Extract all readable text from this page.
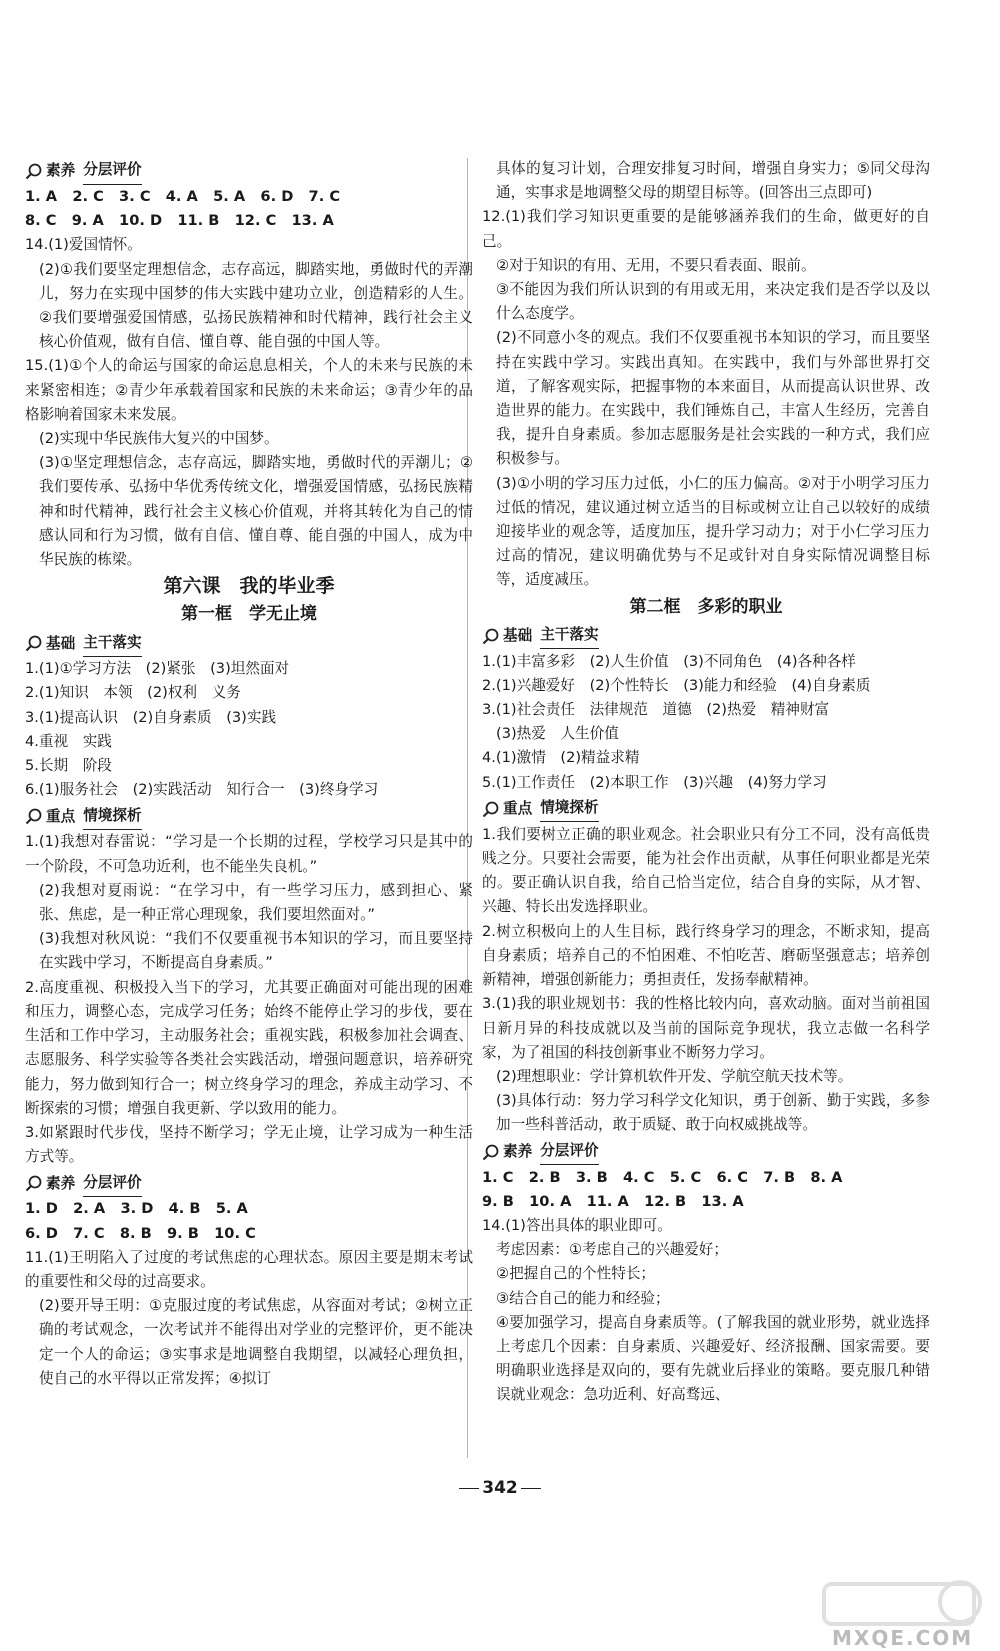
素养 分层评价

1. A   2. C   3. C   4. A   5. A   6. D   7. C

8. C   9. A   10. D   11. B   12. C   13. A

14.(1)爱国情怀。

(2)①我们要坚定理想信念，志存高远，脚踏实地，勇做时代的弄潮儿，努力在实现中国梦的伟大实践中建功立业，创造精彩的人生。②我们要增强爱国情感，弘扬民族精神和时代精神，践行社会主义核心价值观，做有自信、懂自尊、能自强的中国人等。

15.(1)①个人的命运与国家的命运息息相关，个人的未来与民族的未来紧密相连；②青少年承载着国家和民族的未来命运；③青少年的品格影响着国家未来发展。

(2)实现中华民族伟大复兴的中国梦。

(3)①坚定理想信念，志存高远，脚踏实地，勇做时代的弄潮儿；②我们要传承、弘扬中华优秀传统文化，增强爱国情感，弘扬民族精神和时代精神，践行社会主义核心价值观，并将其转化为自己的情感认同和行为习惯，做有自信、懂自尊、能自强的中国人，成为中华民族的栋梁。

第六课　我的毕业季
第一框　学无止境
基础 主干落实

1.(1)①学习方法　(2)紧张　(3)坦然面对

2.(1)知识　本领　(2)权利　义务

3.(1)提高认识　(2)自身素质　(3)实践

4.重视　实践

5.长期　阶段

6.(1)服务社会　(2)实践活动　知行合一　(3)终身学习

重点 情境探析

1.(1)我想对春雷说：“学习是一个长期的过程，学校学习只是其中的一个阶段，不可急功近利，也不能坐失良机。”

(2)我想对夏雨说：“在学习中，有一些学习压力，感到担心、紧张、焦虑，是一种正常心理现象，我们要坦然面对。”

(3)我想对秋风说：“我们不仅要重视书本知识的学习，而且要坚持在实践中学习，不断提高自身素质。”

2.高度重视、积极投入当下的学习，尤其要正确面对可能出现的困难和压力，调整心态，完成学习任务；始终不能停止学习的步伐，要在生活和工作中学习，主动服务社会；重视实践，积极参加社会调查、志愿服务、科学实验等各类社会实践活动，增强问题意识，培养研究能力，努力做到知行合一；树立终身学习的理念，养成主动学习、不断探索的习惯；增强自我更新、学以致用的能力。

3.如紧跟时代步伐，坚持不断学习；学无止境，让学习成为一种生活方式等。

素养 分层评价

1. D   2. A   3. D   4. B   5. A

6. D   7. C   8. B   9. B   10. C

11.(1)王明陷入了过度的考试焦虑的心理状态。原因主要是期末考试的重要性和父母的过高要求。

(2)要开导王明：①克服过度的考试焦虑，从容面对考试；②树立正确的考试观念，一次考试并不能得出对学业的完整评价，更不能决定一个人的命运；③实事求是地调整自我期望，以减轻心理负担，使自己的水平得以正常发挥；④拟订

具体的复习计划，合理安排复习时间，增强自身实力；⑤同父母沟通，实事求是地调整父母的期望目标等。(回答出三点即可)

12.(1)我们学习知识更重要的是能够涵养我们的生命，做更好的自己。

②对于知识的有用、无用，不要只看表面、眼前。

③不能因为我们所认识到的有用或无用，来决定我们是否学以及以什么态度学。

(2)不同意小冬的观点。我们不仅要重视书本知识的学习，而且要坚持在实践中学习。实践出真知。在实践中，我们与外部世界打交道，了解客观实际，把握事物的本来面目，从而提高认识世界、改造世界的能力。在实践中，我们锤炼自己，丰富人生经历，完善自我，提升自身素质。参加志愿服务是社会实践的一种方式，我们应积极参与。

(3)①小明的学习压力过低，小仁的压力偏高。②对于小明学习压力过低的情况，建议通过树立适当的目标或树立让自己以较好的成绩迎接毕业的观念等，适度加压，提升学习动力；对于小仁学习压力过高的情况，建议明确优势与不足或针对自身实际情况调整目标等，适度减压。

第二框　多彩的职业
基础 主干落实

1.(1)丰富多彩　(2)人生价值　(3)不同角色　(4)各种各样

2.(1)兴趣爱好　(2)个性特长　(3)能力和经验　(4)自身素质

3.(1)社会责任　法律规范　道德　(2)热爱　精神财富

(3)热爱　人生价值

4.(1)激情　(2)精益求精

5.(1)工作责任　(2)本职工作　(3)兴趣　(4)努力学习

重点 情境探析

1.我们要树立正确的职业观念。社会职业只有分工不同，没有高低贵贱之分。只要社会需要，能为社会作出贡献，从事任何职业都是光荣的。要正确认识自我，给自己恰当定位，结合自身的实际，从才智、兴趣、特长出发选择职业。

2.树立积极向上的人生目标，践行终身学习的理念，不断求知，提高自身素质；培养自己的不怕困难、不怕吃苦、磨砺坚强意志；培养创新精神，增强创新能力；勇担责任，发扬奉献精神。

3.(1)我的职业规划书：我的性格比较内向，喜欢动脑。面对当前祖国日新月异的科技成就以及当前的国际竞争现状，我立志做一名科学家，为了祖国的科技创新事业不断努力学习。

(2)理想职业：学计算机软件开发、学航空航天技术等。

(3)具体行动：努力学习科学文化知识，勇于创新、勤于实践，多参加一些科普活动，敢于质疑、敢于向权威挑战等。

素养 分层评价

1. C   2. B   3. B   4. C   5. C   6. C   7. B   8. A

9. B   10. A   11. A   12. B   13. A

14.(1)答出具体的职业即可。

考虑因素：①考虑自己的兴趣爱好；

②把握自己的个性特长；

③结合自己的能力和经验；

④要加强学习，提高自身素质等。(了解我国的就业形势，就业选择上考虑几个因素：自身素质、兴趣爱好、经济报酬、国家需要。要明确职业选择是双向的，要有先就业后择业的策略。要克服几种错误就业观念：急功近利、好高骛远、

342
MXQE.COM
